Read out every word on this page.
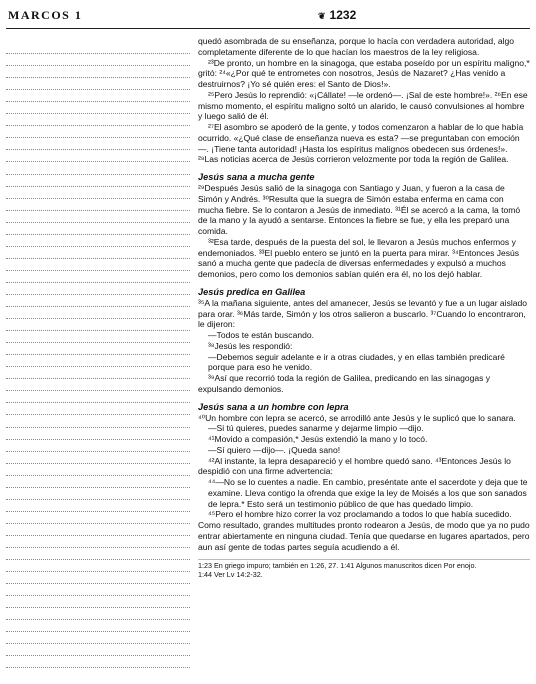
MARCOS 1	❦ 1232

quedó asombrada de su enseñanza, porque lo hacía con verdadera autoridad, algo completamente diferente de lo que hacían los maestros de la ley religiosa.

²³De pronto, un hombre en la sinagoga, que estaba poseído por un espíritu maligno,* gritó: ²⁴«¿Por qué te entrometes con nosotros, Jesús de Nazaret? ¿Has venido a destruirnos? ¡Yo sé quién eres: el Santo de Dios!».

²⁵Pero Jesús lo reprendió: «¡Cállate! —le ordenó—. ¡Sal de este hombre!». ²⁶En ese mismo momento, el espíritu maligno soltó un alarido, le causó convulsiones al hombre y luego salió de él.

²⁷El asombro se apoderó de la gente, y todos comenzaron a hablar de lo que había ocurrido. «¿Qué clase de enseñanza nueva es esta? —se preguntaban con emoción—. ¡Tiene tanta autoridad! ¡Hasta los espíritus malignos obedecen sus órdenes!». ²⁸Las noticias acerca de Jesús corrieron velozmente por toda la región de Galilea.

Jesús sana a mucha gente

²⁹Después Jesús salió de la sinagoga con Santiago y Juan, y fueron a la casa de Simón y Andrés. ³⁰Resulta que la suegra de Simón estaba enferma en cama con mucha fiebre. Se lo contaron a Jesús de inmediato. ³¹Él se acercó a la cama, la tomó de la mano y la ayudó a sentarse. Entonces la fiebre se fue, y ella les preparó una comida.

³²Esa tarde, después de la puesta del sol, le llevaron a Jesús muchos enfermos y endemoniados. ³³El pueblo entero se juntó en la puerta para mirar. ³⁴Entonces Jesús sanó a mucha gente que padecía de diversas enfermedades y expulsó a muchos demonios, pero como los demonios sabían quién era él, no los dejó hablar.

Jesús predica en Galilea

³⁵A la mañana siguiente, antes del amanecer, Jesús se levantó y fue a un lugar aislado para orar. ³⁶Más tarde, Simón y los otros salieron a buscarlo. ³⁷Cuando lo encontraron, le dijeron:

—Todos te están buscando.

³⁸Jesús les respondió:

—Debemos seguir adelante e ir a otras ciudades, y en ellas también predicaré porque para eso he venido.

³⁹Así que recorrió toda la región de Galilea, predicando en las sinagogas y expulsando demonios.

Jesús sana a un hombre con lepra

⁴⁰Un hombre con lepra se acercó, se arrodilló ante Jesús y le suplicó que lo sanara.

—Si tú quieres, puedes sanarme y dejarme limpio —dijo.

⁴¹Movido a compasión,* Jesús extendió la mano y lo tocó.

—Sí quiero —dijo—. ¡Queda sano!

⁴²Al instante, la lepra desapareció y el hombre quedó sano. ⁴³Entonces Jesús lo despidió con una firme advertencia:

⁴⁴—No se lo cuentes a nadie. En cambio, preséntate ante el sacerdote y deja que te examine. Lleva contigo la ofrenda que exige la ley de Moisés a los que son sanados de lepra.* Esto será un testimonio público de que has quedado limpio.

⁴⁵Pero el hombre hizo correr la voz proclamando a todos lo que había sucedido. Como resultado, grandes multitudes pronto rodearon a Jesús, de modo que ya no pudo entrar abiertamente en ninguna ciudad. Tenía que quedarse en lugares apartados, pero aun así gente de todas partes seguía acudiendo a él.

1:23 En griego impuro; también en 1:26, 27. 1:41 Algunos manuscritos dicen Por enojo.

1:44 Ver Lv 14:2-32.
